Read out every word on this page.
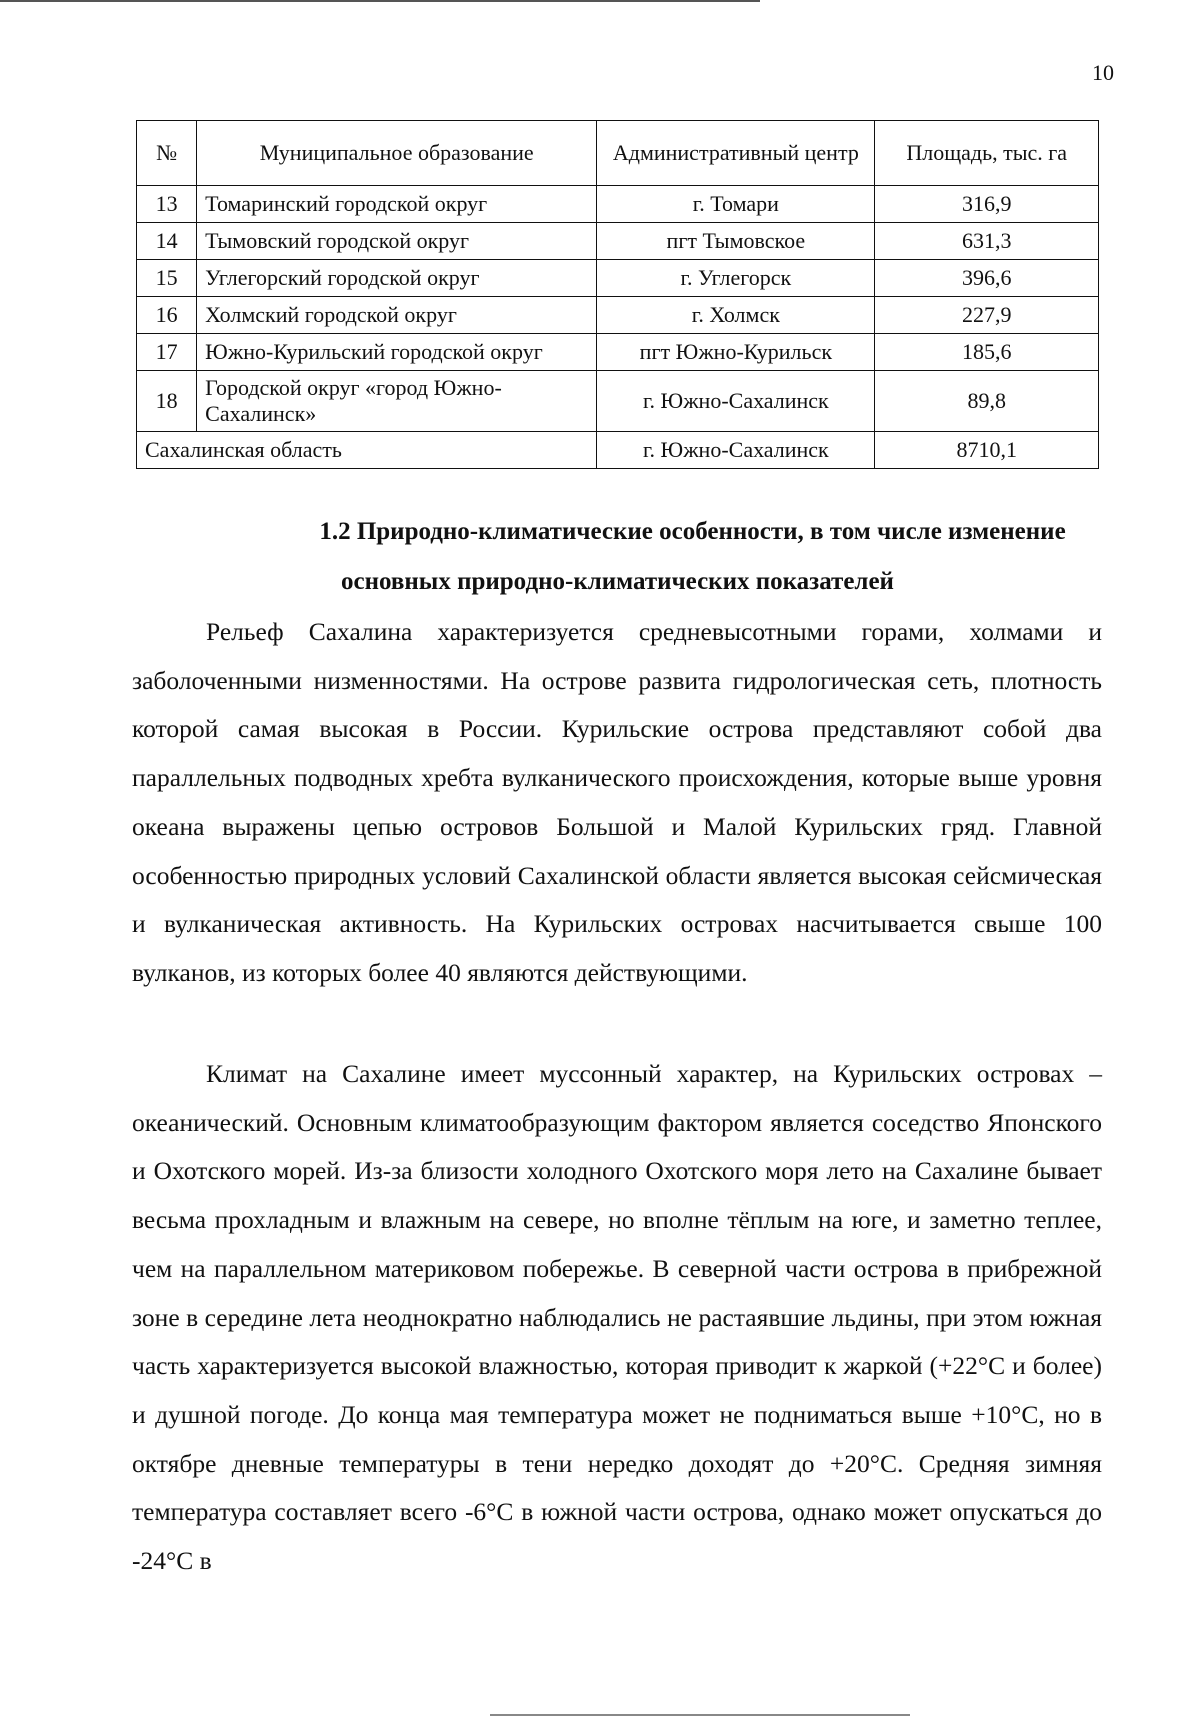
10
№	Муниципальное образование	Административный центр	Площадь, тыс. га
13	Томаринский городской округ	г. Томари	316,9
14	Тымовский городской округ	пгт Тымовское	631,3
15	Углегорский городской округ	г. Углегорск	396,6
16	Холмский городской округ	г. Холмск	227,9
17	Южно-Курильский городской округ	пгт Южно-Курильск	185,6
18	Городской округ «город Южно-Сахалинск»	г. Южно-Сахалинск	89,8
Сахалинская область		г. Южно-Сахалинск	8710,1
1.2 Природно-климатические особенности, в том числе изменение
основных природно-климатических показателей

Рельеф Сахалина характеризуется средневысотными горами, холмами и заболоченными низменностями. На острове развита гидрологическая сеть, плотность которой самая высокая в России. Курильские острова представляют собой два параллельных подводных хребта вулканического происхождения, которые выше уровня океана выражены цепью островов Большой и Малой Курильских гряд. Главной особенностью природных условий Сахалинской области является высокая сейсмическая и вулканическая активность. На Курильских островах насчитывается свыше 100 вулканов, из которых более 40 являются действующими.

Климат на Сахалине имеет муссонный характер, на Курильских островах – океанический. Основным климатообразующим фактором является соседство Японского и Охотского морей. Из-за близости холодного Охотского моря лето на Сахалине бывает весьма прохладным и влажным на севере, но вполне тёплым на юге, и заметно теплее, чем на параллельном материковом побережье. В северной части острова в прибрежной зоне в середине лета неоднократно наблюдались не растаявшие льдины, при этом южная часть характеризуется высокой влажностью, которая приводит к жаркой (+22°С и более) и душной погоде. До конца мая температура может не подниматься выше +10°С, но в октябре дневные температуры в тени нередко доходят до +20°С. Средняя зимняя температура составляет всего -6°С в южной части острова, однако может опускаться до -24°С в
